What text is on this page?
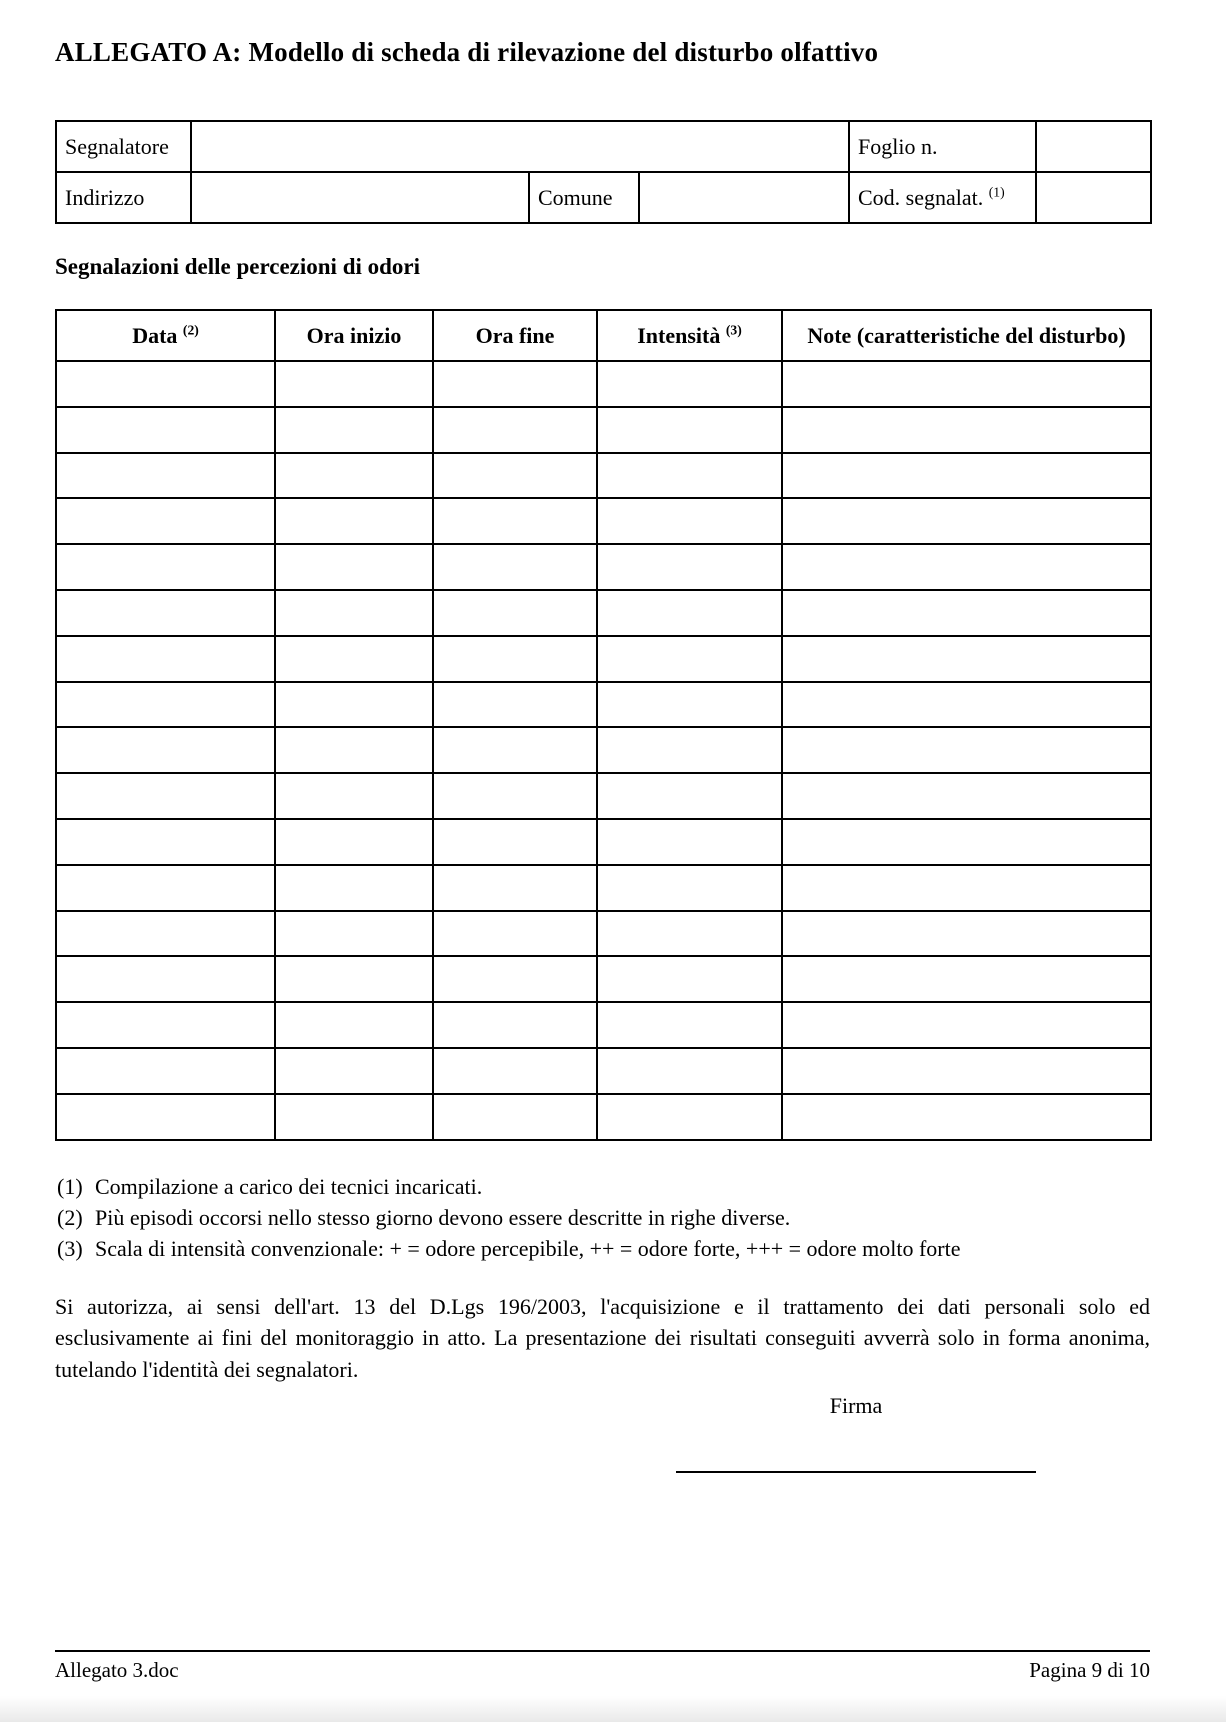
ALLEGATO A: Modello di scheda di rilevazione del disturbo olfattivo
Segnalatore				Foglio n.	
Indirizzo		Comune		Cod. segnalat. $^{(1)}$	
Segnalazioni delle percezioni di odori
Data $^{(2)}$	Ora inizio	Ora fine	Intensità $^{(3)}$	Note (caratteristiche del disturbo)

(1) Compilazione a carico dei tecnici incaricati.
(2) Più episodi occorsi nello stesso giorno devono essere descritte in righe diverse.
(3) Scala di intensità convenzionale: + = odore percepibile, ++ = odore forte, +++ = odore molto forte
Si autorizza, ai sensi dell'art. 13 del D.Lgs 196/2003, l'acquisizione e il trattamento dei dati personali solo ed esclusivamente ai fini del monitoraggio in atto. La presentazione dei risultati conseguiti avverrà solo in forma anonima, tutelando l'identità dei segnalatori.
Firma
Allegato 3.doc	Pagina 9 di 10
